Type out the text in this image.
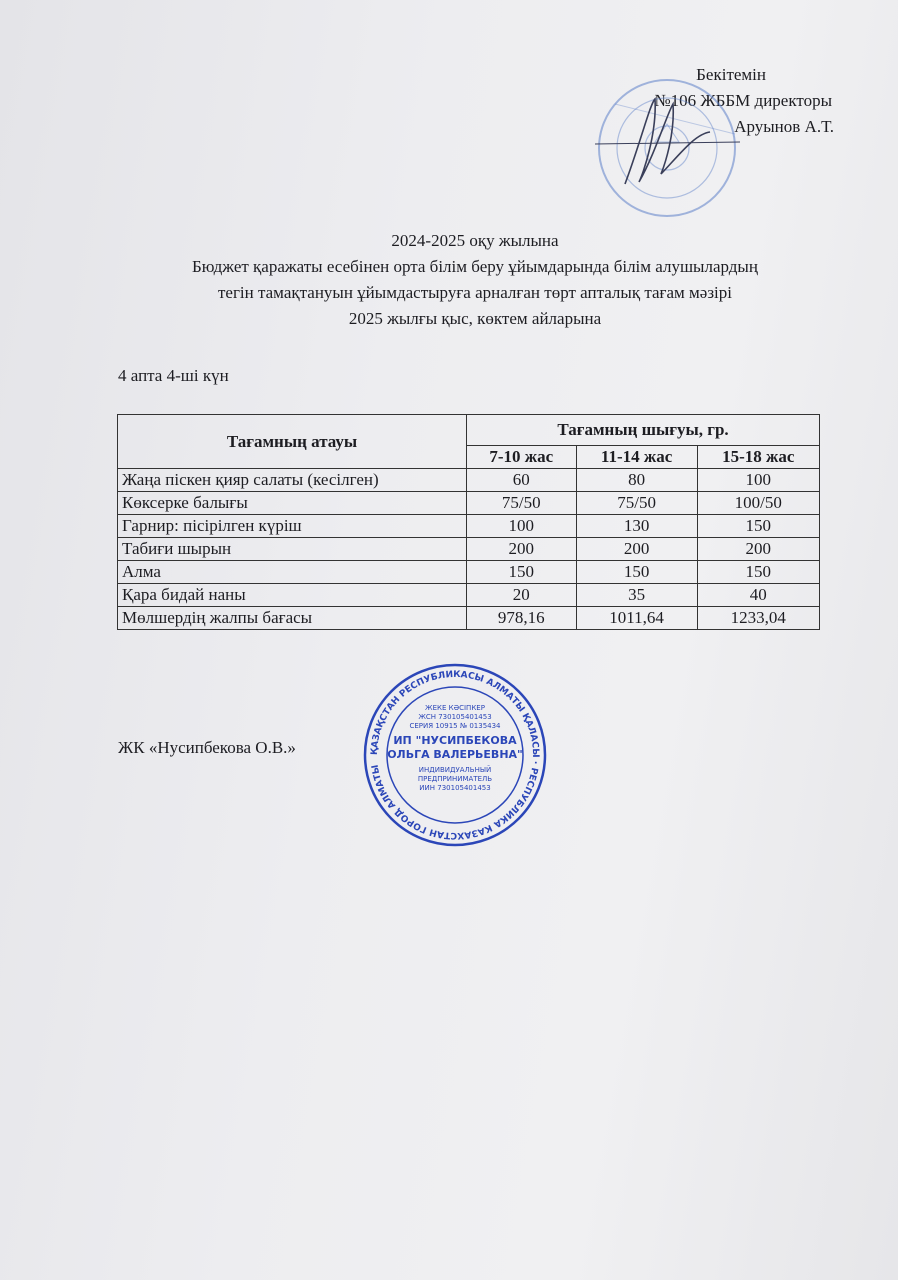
Бекітемін
№106 ЖББМ директоры
Аруынов А.Т.
2024-2025 оқу жылына
Бюджет қаражаты есебінен орта білім беру ұйымдарында білім алушылардың
тегін тамақтануын ұйымдастыруға арналған төрт апталық тағам мәзірі
2025 жылғы қыс, көктем айларына
4 апта 4-ші күн
Тағамның атауы	Тағамның шығуы, гр.		
	7-10 жас	11-14 жас	15-18 жас
Жаңа піскен қияр салаты (кесілген)	60	80	100
Көксерке балығы	75/50	75/50	100/50
Гарнир: пісірілген күріш	100	130	150
Табиғи шырын	200	200	200
Алма	150	150	150
Қара бидай наны	20	35	40
Мөлшердің жалпы бағасы	978,16	1011,64	1233,04
ЖК «Нусипбекова О.В.»	ҚАЗАҚСТАН РЕСПУБЛИКАСЫ АЛМАТЫ ҚАЛАСЫ · РЕСПУБЛИКА КАЗАХСТАН ГОРОД АЛМАТЫ
ЖЕКЕ КӘСІПКЕР
ЖСН 730105401453
СЕРИЯ 10915 № 0135434
ИП "НУСИПБЕКОВА
ОЛЬГА ВАЛЕРЬЕВНА"
ИНДИВИДУАЛЬНЫЙ
ПРЕДПРИНИМАТЕЛЬ
ИИН 730105401453
